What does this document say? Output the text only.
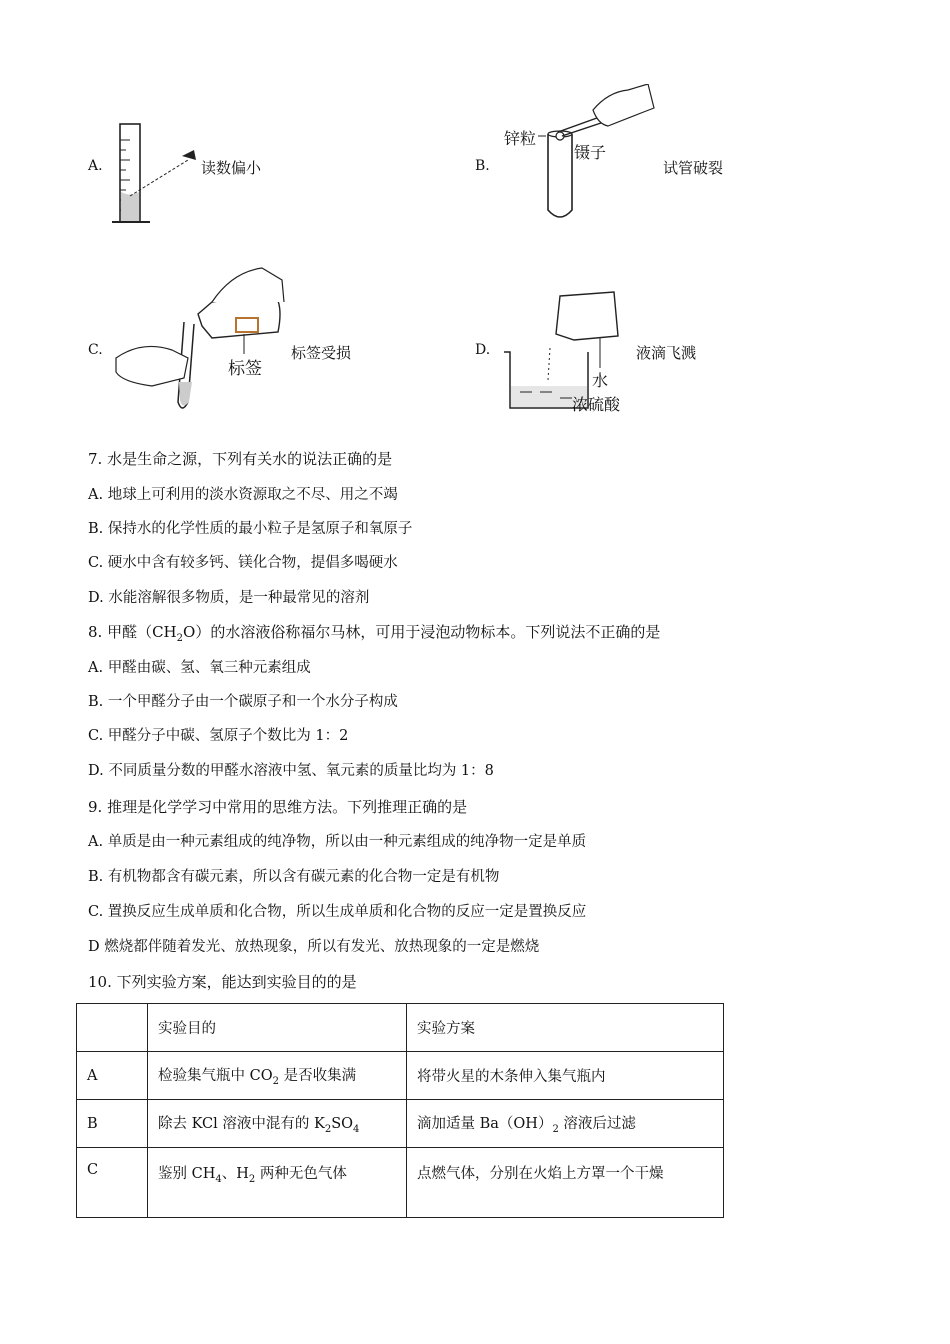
A.	读数偏小	B.
锌粒
镊子
试管破裂
C.
标签
标签受损	D.
水
浓硫酸
液滴飞溅
7. 水是生命之源，下列有关水的说法正确的是
A. 地球上可利用的淡水资源取之不尽、用之不竭
B. 保持水的化学性质的最小粒子是氢原子和氧原子
C. 硬水中含有较多钙、镁化合物，提倡多喝硬水
D. 水能溶解很多物质，是一种最常见的溶剂
8. 甲醛$(CH_2O)$的水溶液俗称福尔马林，可用于浸泡动物标本。下列说法不正确的是
A. 甲醛由碳、氢、氧三种元素组成
B. 一个甲醛分子由一个碳原子和一个水分子构成
C. 甲醛分子中碳、氢原子个数比为 1：2
D. 不同质量分数的甲醛水溶液中氢、氧元素的质量比均为 1：8
9. 推理是化学学习中常用的思维方法。下列推理正确的是
A. 单质是由一种元素组成的纯净物，所以由一种元素组成的纯净物一定是单质
B. 有机物都含有碳元素，所以含有碳元素的化合物一定是有机物
C. 置换反应生成单质和化合物，所以生成单质和化合物的反应一定是置换反应
D 燃烧都伴随着发光、放热现象，所以有发光、放热现象的一定是燃烧
10. 下列实验方案，能达到实验目的的是
	实验目的	实验方案
A	检验集气瓶中 $CO_2$ 是否收集满	将带火星的木条伸入集气瓶内
B	除去 KCl 溶液中混有的 $K_2SO_4$	滴加适量 $Ba(OH)_2$ 溶液后过滤
C	鉴别 $CH_4$、$H_2$ 两种无色气体	点燃气体，分别在火焰上方罩一个干燥
